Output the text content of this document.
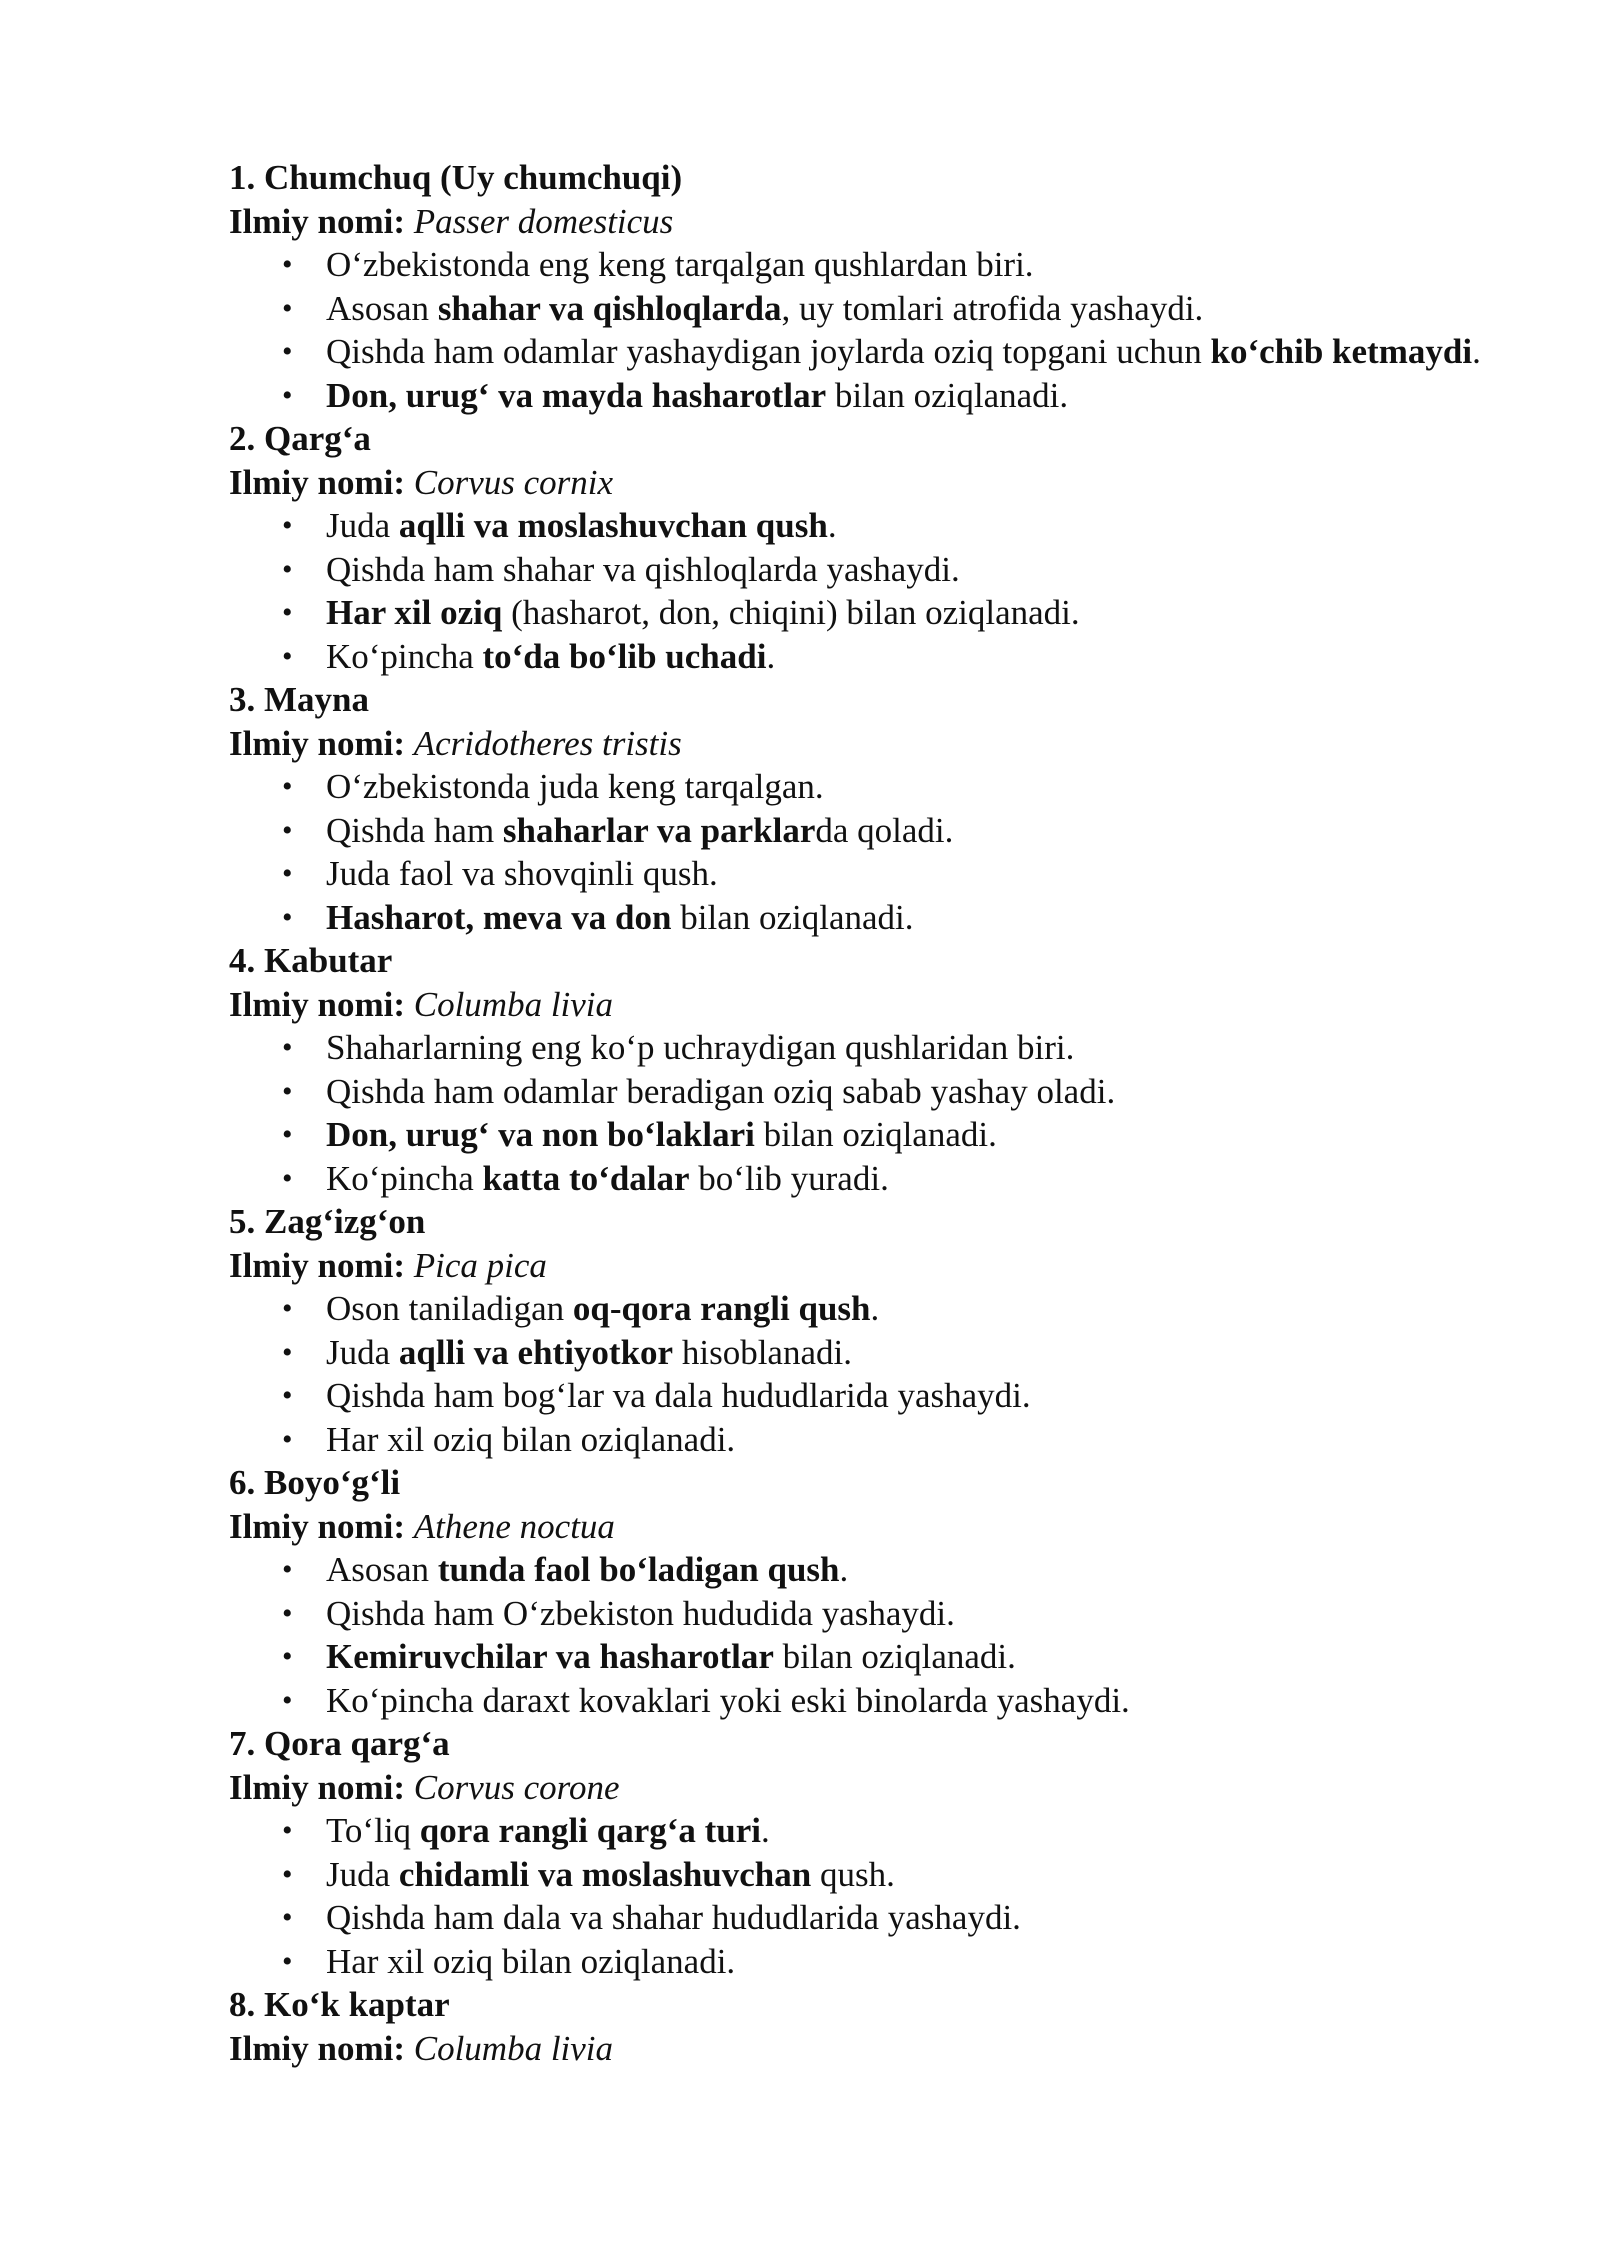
1. Chumchuq (Uy chumchuqi)
Ilmiy nomi: Passer domesticus
• O‘zbekistonda eng keng tarqalgan qushlardan biri.
• Asosan shahar va qishloqlarda, uy tomlari atrofida yashaydi.
• Qishda ham odamlar yashaydigan joylarda oziq topgani uchun ko‘chib ketmaydi.
• Don, urug‘ va mayda hasharotlar bilan oziqlanadi.
2. Qarg‘a
Ilmiy nomi: Corvus cornix
• Juda aqlli va moslashuvchan qush.
• Qishda ham shahar va qishloqlarda yashaydi.
• Har xil oziq (hasharot, don, chiqini) bilan oziqlanadi.
• Ko‘pincha to‘da bo‘lib uchadi.
3. Mayna
Ilmiy nomi: Acridotheres tristis
• O‘zbekistonda juda keng tarqalgan.
• Qishda ham shaharlar va parklarda qoladi.
• Juda faol va shovqinli qush.
• Hasharot, meva va don bilan oziqlanadi.
4. Kabutar
Ilmiy nomi: Columba livia
• Shaharlarning eng ko‘p uchraydigan qushlaridan biri.
• Qishda ham odamlar beradigan oziq sabab yashay oladi.
• Don, urug‘ va non bo‘laklari bilan oziqlanadi.
• Ko‘pincha katta to‘dalar bo‘lib yuradi.
5. Zag‘izg‘on
Ilmiy nomi: Pica pica
• Oson taniladigan oq-qora rangli qush.
• Juda aqlli va ehtiyotkor hisoblanadi.
• Qishda ham bog‘lar va dala hududlarida yashaydi.
• Har xil oziq bilan oziqlanadi.
6. Boyo‘g‘li
Ilmiy nomi: Athene noctua
• Asosan tunda faol bo‘ladigan qush.
• Qishda ham O‘zbekiston hududida yashaydi.
• Kemiruvchilar va hasharotlar bilan oziqlanadi.
• Ko‘pincha daraxt kovaklari yoki eski binolarda yashaydi.
7. Qora qarg‘a
Ilmiy nomi: Corvus corone
• To‘liq qora rangli qarg‘a turi.
• Juda chidamli va moslashuvchan qush.
• Qishda ham dala va shahar hududlarida yashaydi.
• Har xil oziq bilan oziqlanadi.
8. Ko‘k kaptar
Ilmiy nomi: Columba livia
